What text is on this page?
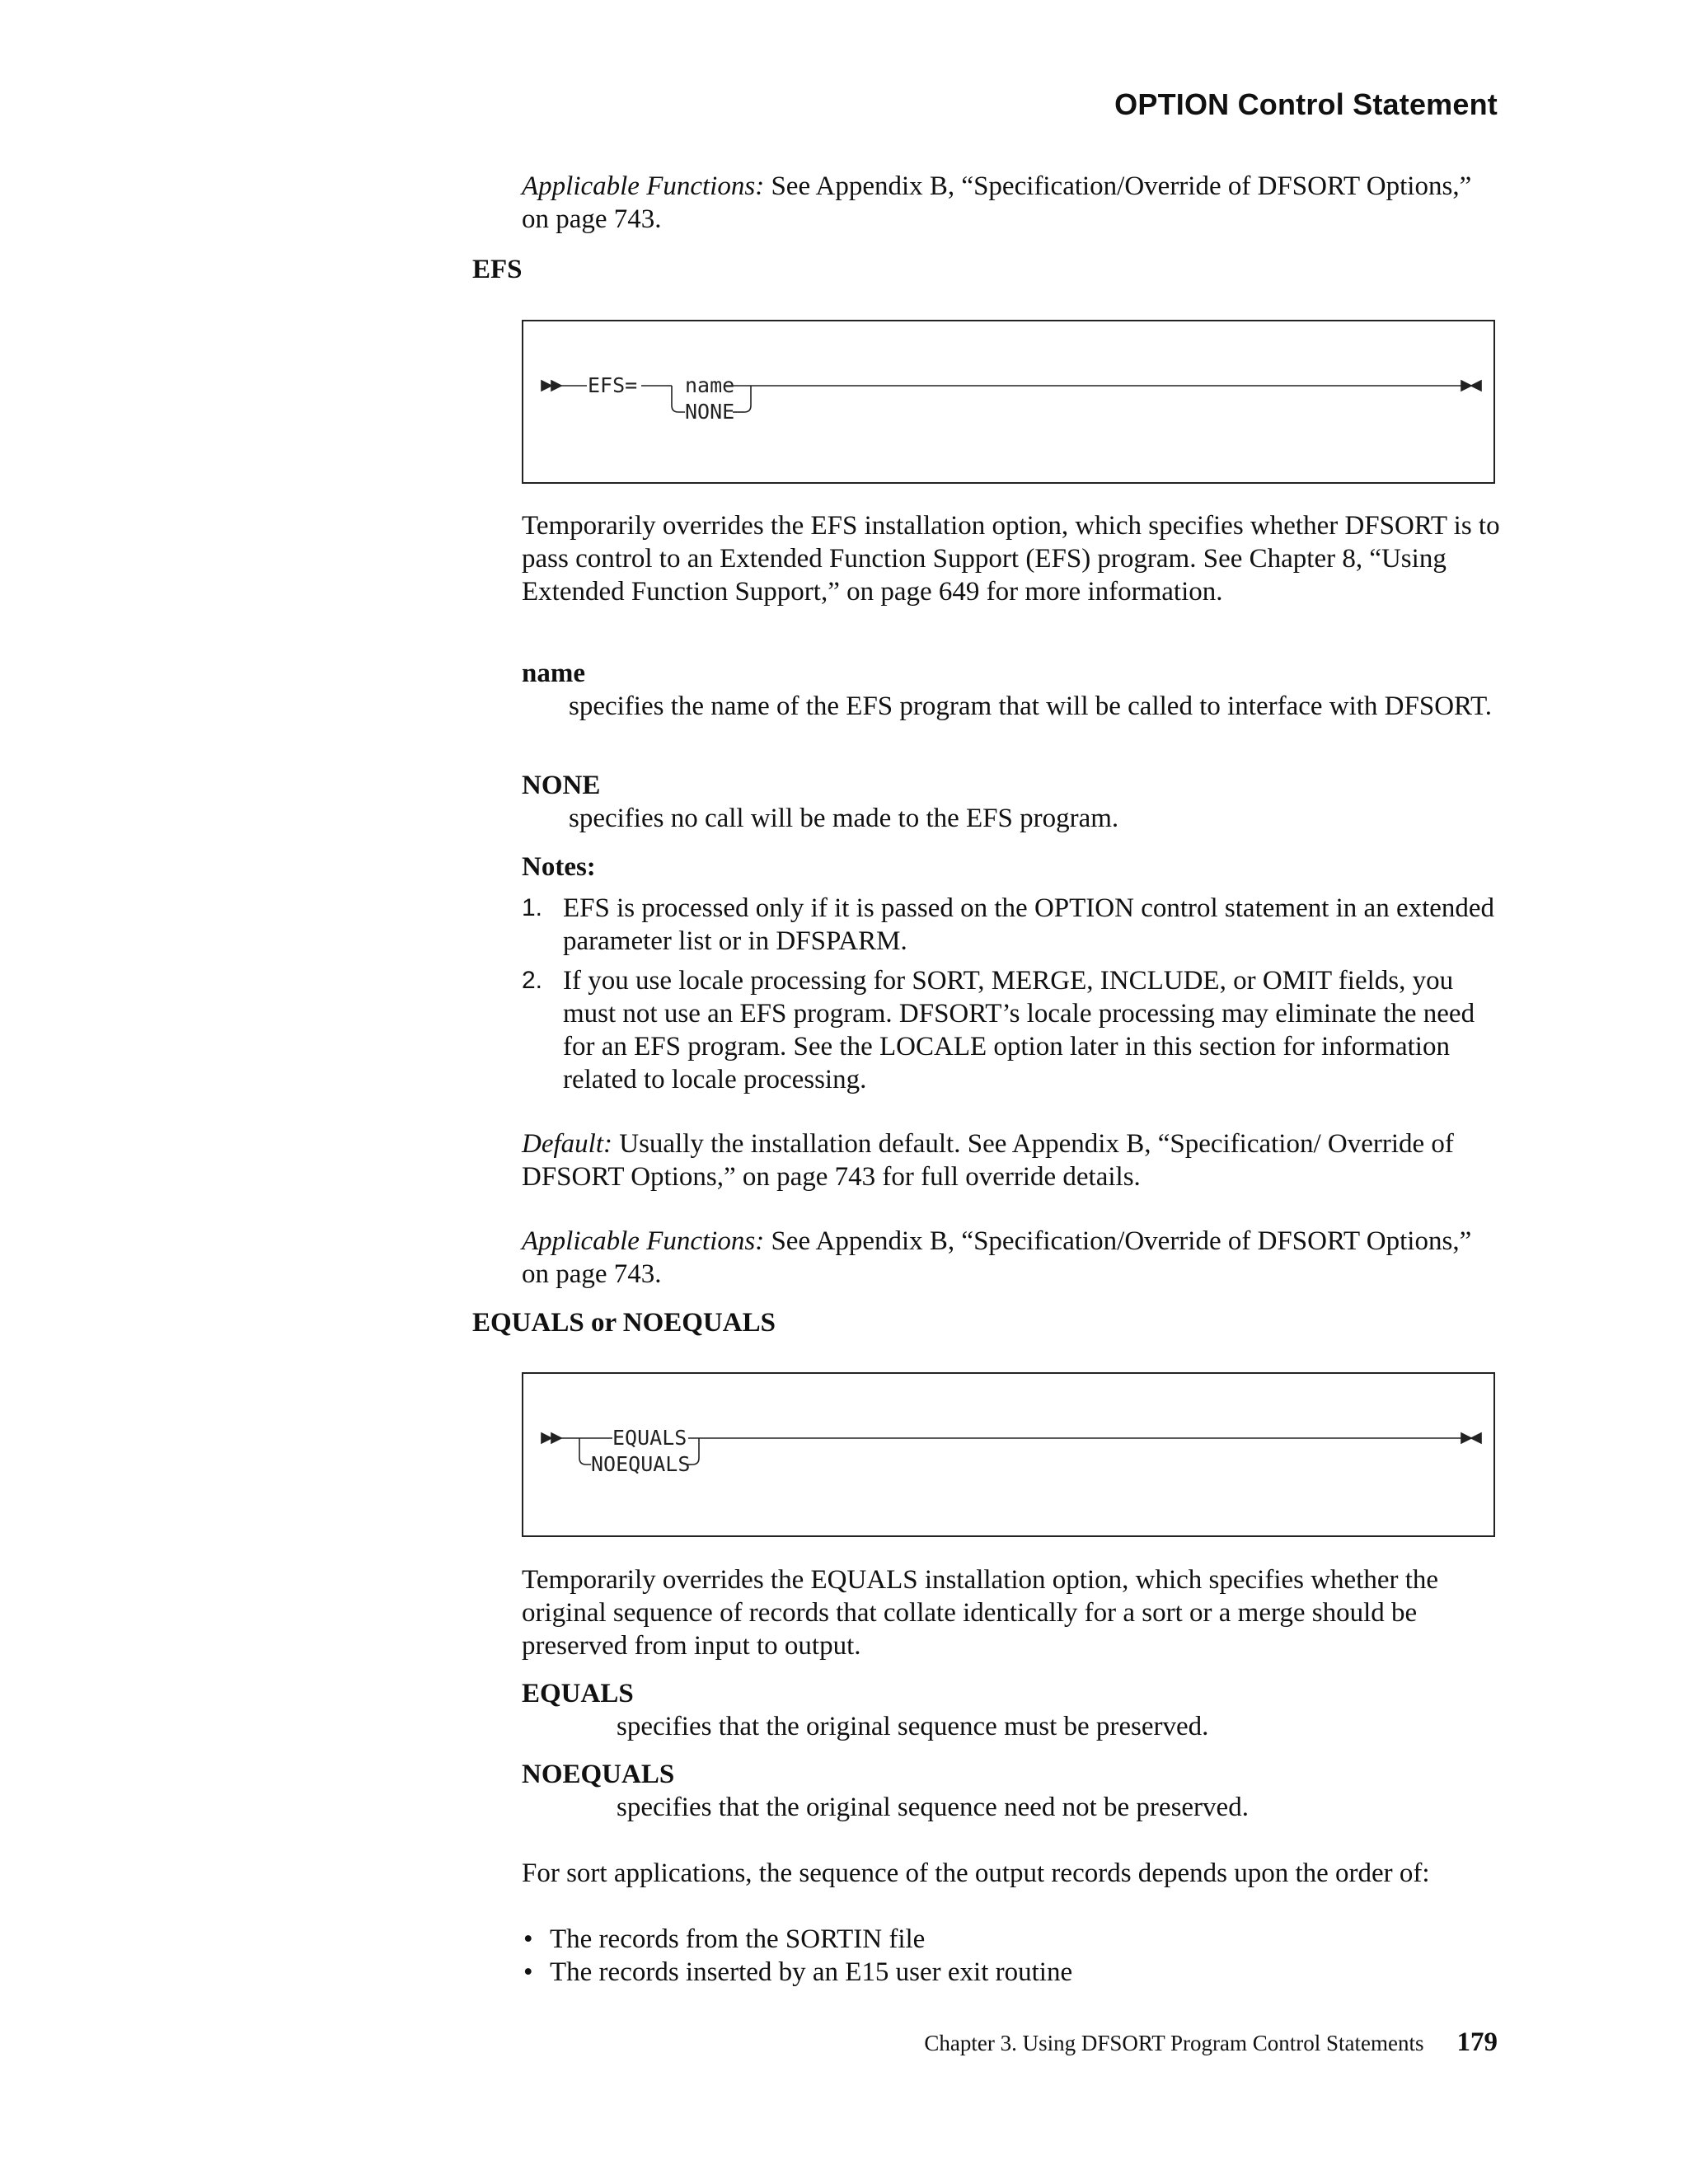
OPTION Control Statement

Applicable Functions: See Appendix B, “Specification/Override of DFSORT Options,” on page 743.

EFS
EFS= name
NONE

Temporarily overrides the EFS installation option, which specifies whether DFSORT is to pass control to an Extended Function Support (EFS) program. See Chapter 8, “Using Extended Function Support,” on page 649 for more information.

name
specifies the name of the EFS program that will be called to interface with DFSORT.
NONE
specifies no call will be made to the EFS program.
Notes:
1. EFS is processed only if it is passed on the OPTION control statement in an extended parameter list or in DFSPARM.
2. If you use locale processing for SORT, MERGE, INCLUDE, or OMIT fields, you must not use an EFS program. DFSORT’s locale processing may eliminate the need for an EFS program. See the LOCALE option later in this section for information related to locale processing.

Default: Usually the installation default. See Appendix B, “Specification/ Override of DFSORT Options,” on page 743 for full override details.

Applicable Functions: See Appendix B, “Specification/Override of DFSORT Options,” on page 743.

EQUALS or NOEQUALS
EQUALS
NOEQUALS

Temporarily overrides the EQUALS installation option, which specifies whether the original sequence of records that collate identically for a sort or a merge should be preserved from input to output.

EQUALS
specifies that the original sequence must be preserved.
NOEQUALS
specifies that the original sequence need not be preserved.

For sort applications, the sequence of the output records depends upon the order of:

• The records from the SORTIN file
• The records inserted by an E15 user exit routine
Chapter 3. Using DFSORT Program Control Statements 179
